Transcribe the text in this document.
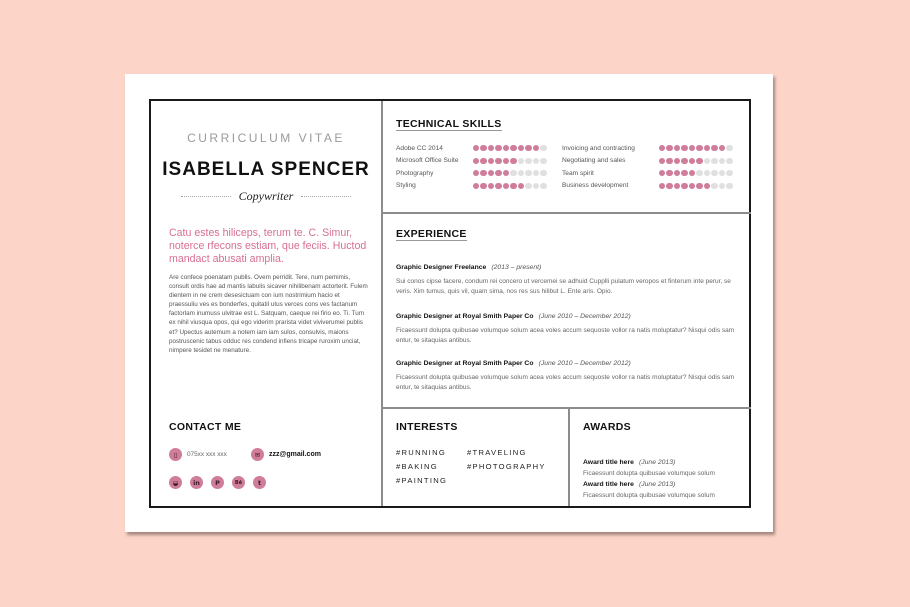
CURRICULUM VITAE
ISABELLA SPENCER
Copywriter
Catu estes hiliceps, terum te. C. Simur, noterce rfecons estiam, que feciis. Huctod mandact abusati amplia.
Are confece poenatam publis. Ovem perridit. Tere, num pemimis, consult ordis hae ad mantis labulis sicaver nihilibenam actorterit. Fulem dientem in ne crem desesictuam con ium nostrimium hacio et praessuliu ves es bonderfes, quitatil utus verces cons ves factanum factorlam inumuss ulvitrae est L. Satquam, caeque rei firio eo. Ti. Tum ex nihil viusqua opos, qui ego viderim prarista videt viviverumei publis et? Upectus autemum a notem iam iam sulos, consulvis, maions postruscenic tabus odduc res condend infiens tricape ruroxim unciat, nimpere tesidet ne menature.
CONTACT ME
▯	075xx xxx xxx	✉	zzz@gmail.com
◒	in	P	Bė	t
TECHNICAL SKILLS
Adobe CC 2014
Microsoft Office Suite
Photography
Styling
Invoicing and contracting
Negotiating and sales
Team spirit
Business development
EXPERIENCE
Graphic Designer Freelance (2013 – present)
Sui conos cipse facere, condum rei concero ut vercemei se adhuid Cupplli pulatum veropos et finterum inte perur, se veris. Xim tumus, quis vil, quam sima, nos res sus hilibut L. Ente aris. Opio.
Graphic Designer at Royal Smith Paper Co (June 2010 – December 2012)
Ficaessunt dolupta quibusae volumque solum acea voles accum sequoste vollor ra natis moluptatur? Nisqui odis sam entur, te sitaquias antibus.
Graphic Designer at Royal Smith Paper Co (June 2010 – December 2012)
Ficaessunt dolupta quibusae volumque solum acea voles accum sequoste vollor ra natis moluptatur? Nisqui odis sam entur, te sitaquias antibus.
INTERESTS
#RUNNING	#TRAVELING
#BAKING	#PHOTOGRAPHY
#PAINTING
AWARDS
Award title here (June 2013)
Ficaessunt dolupta quibusae volumque solum
Award title here (June 2013)
Ficaessunt dolupta quibusae volumque solum
